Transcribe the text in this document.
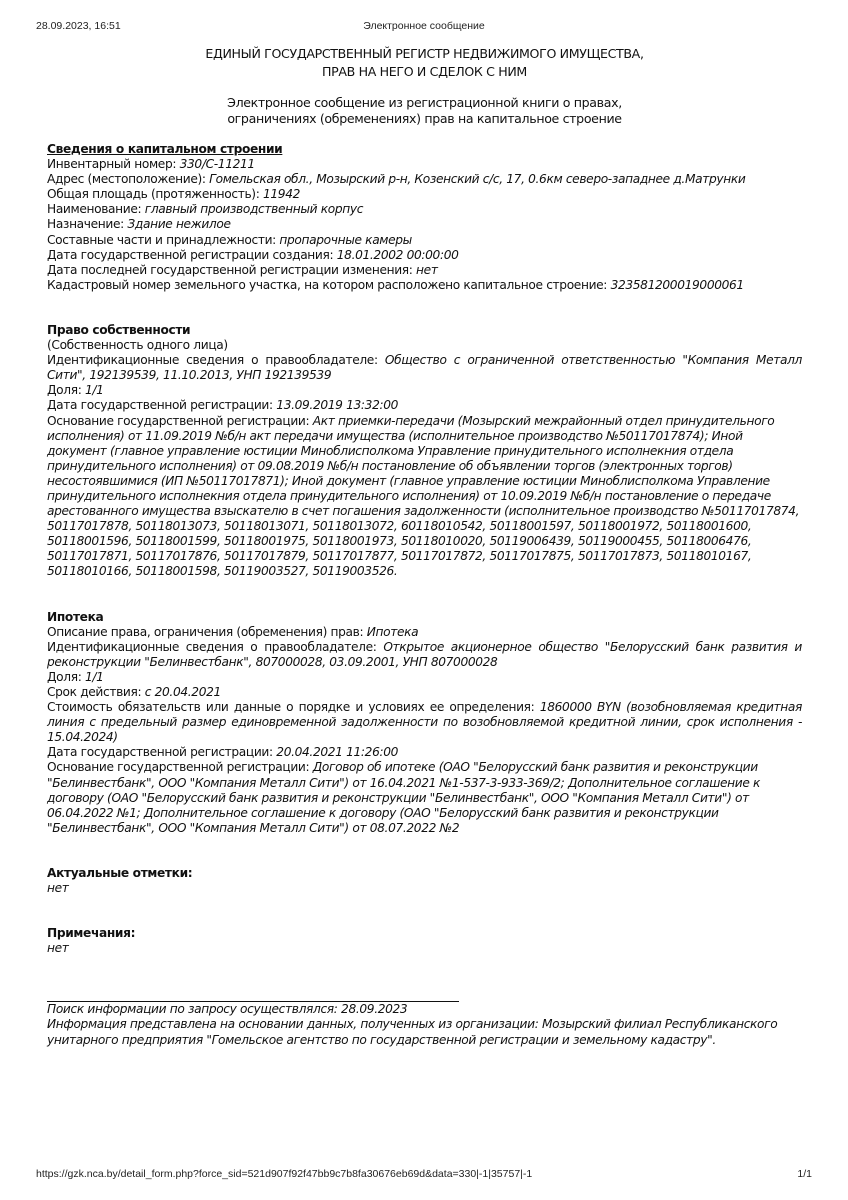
28.09.2023, 16:51	Электронное сообщение
ЕДИНЫЙ ГОСУДАРСТВЕННЫЙ РЕГИСТР НЕДВИЖИМОГО ИМУЩЕСТВА,
ПРАВ НА НЕГО И СДЕЛОК С НИМ
Электронное сообщение из регистрационной книги о правах,
ограничениях (обременениях) прав на капитальное строение
Сведения о капитальном строении
Инвентарный номер: 330/С-11211
Адрес (местоположение): Гомельская обл., Мозырский р-н, Козенский с/с, 17, 0.6км северо-западнее д.Матрунки
Общая площадь (протяженность): 11942
Наименование: главный производственный корпус
Назначение: Здание нежилое
Составные части и принадлежности: пропарочные камеры
Дата государственной регистрации создания: 18.01.2002 00:00:00
Дата последней государственной регистрации изменения: нет
Кадастровый номер земельного участка, на котором расположено капитальное строение: 323581200019000061
Право собственности
(Собственность одного лица)
Идентификационные сведения о правообладателе: Общество с ограниченной ответственностью "Компания Металл Сити", 192139539, 11.10.2013, УНП 192139539
Доля: 1/1
Дата государственной регистрации: 13.09.2019 13:32:00
Основание государственной регистрации: Акт приемки-передачи (Мозырский межрайонный отдел принудительного исполнения) от 11.09.2019 №б/н акт передачи имущества (исполнительное производство №50117017874); Иной документ (главное управление юстиции Миноблисполкома Управление принудительного исполнекния отдела принудительного исполнения) от 09.08.2019 №б/н постановление об объявлении торгов (электронных торгов) несостоявшимися (ИП №50117017871); Иной документ (главное управление юстиции Миноблисполкома Управление принудительного исполнекния отдела принудительного исполнения) от 10.09.2019 №б/н постановление о передаче арестованного имущества взыскателю в счет погашения задолженности (исполнительное производство №50117017874, 50117017878, 50118013073, 50118013071, 50118013072, 60118010542, 50118001597, 50118001972, 50118001600, 50118001596, 50118001599, 50118001975, 50118001973, 50118010020, 50119006439, 50119000455, 50118006476, 50117017871, 50117017876, 50117017879, 50117017877, 50117017872, 50117017875, 50117017873, 50118010167, 50118010166, 50118001598, 50119003527, 50119003526.
Ипотека
Описание права, ограничения (обременения) прав: Ипотека
Идентификационные сведения о правообладателе: Открытое акционерное общество "Белорусский банк развития и реконструкции "Белинвестбанк", 807000028, 03.09.2001, УНП 807000028
Доля: 1/1
Срок действия: с 20.04.2021
Стоимость обязательств или данные о порядке и условиях ее определения: 1860000 BYN (возобновляемая кредитная линия с предельный размер единовременной задолженности по возобновляемой кредитной линии, срок исполнения - 15.04.2024)
Дата государственной регистрации: 20.04.2021 11:26:00
Основание государственной регистрации: Договор об ипотеке (ОАО "Белорусский банк развития и реконструкции "Белинвестбанк", ООО "Компания Металл Сити") от 16.04.2021 №1-537-3-933-369/2; Дополнительное соглашение к договору (ОАО "Белорусский банк развития и реконструкции "Белинвестбанк", ООО "Компания Металл Сити") от 06.04.2022 №1; Дополнительное соглашение к договору (ОАО "Белорусский банк развития и реконструкции "Белинвестбанк", ООО "Компания Металл Сити") от 08.07.2022 №2
Актуальные отметки:
нет
Примечания:
нет
Поиск информации по запросу осуществлялся: 28.09.2023
Информация представлена на основании данных, полученных из организации: Мозырский филиал Республиканского унитарного предприятия "Гомельское агентство по государственной регистрации и земельному кадастру".
https://gzk.nca.by/detail_form.php?force_sid=521d907f92f47bb9c7b8fa30676eb69d&data=330|-1|35757|-1	1/1
